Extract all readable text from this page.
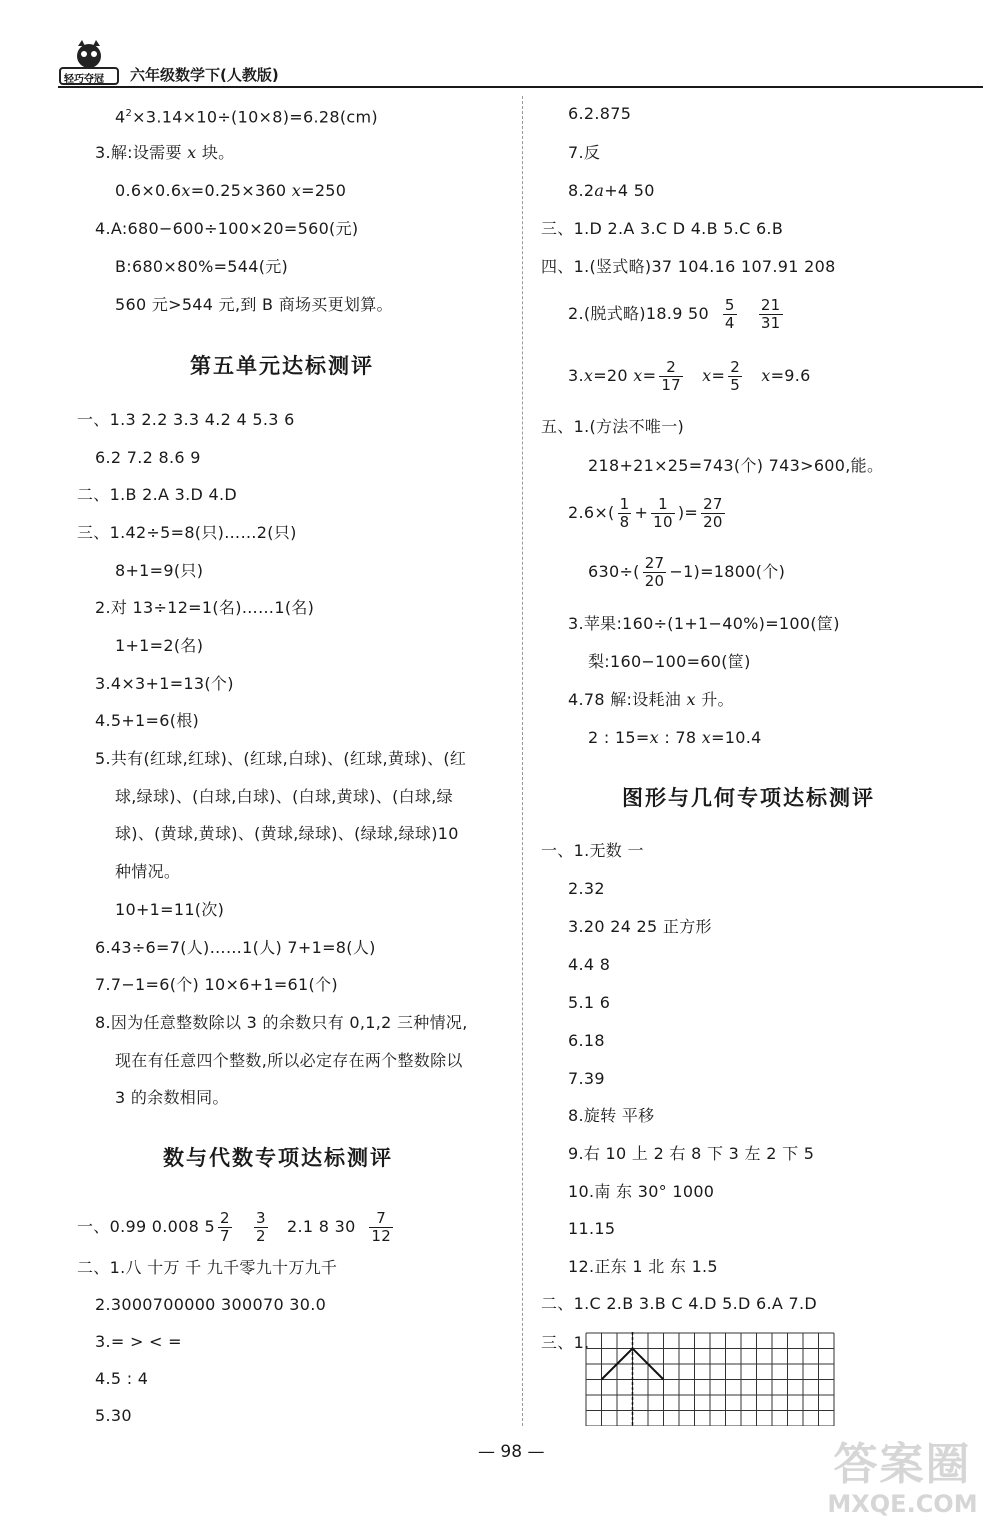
轻巧夺冠 六年级数学下(人教版)
$4^2\times 3.14\times 10\div(10\times 8)=6.28(cm)$
3.解:设需要 x 块。
0.6×0.6x=0.25×360 x=250
4.A:680−600÷100×20=560(元)
B:680×80%=544(元)
560 元>544 元,到 B 商场买更划算。
第五单元达标测评
一、1.3 2.2 3.3 4.2 4 5.3 6
6.2 7.2 8.6 9
二、1.B 2.A 3.D 4.D
三、1.42÷5=8(只)……2(只)
8+1=9(只)
2.对 13÷12=1(名)……1(名)
1+1=2(名)
3.4×3+1=13(个)
4.5+1=6(根)
5.共有(红球,红球)、(红球,白球)、(红球,黄球)、(红
球,绿球)、(白球,白球)、(白球,黄球)、(白球,绿
球)、(黄球,黄球)、(黄球,绿球)、(绿球,绿球)10
种情况。
10+1=11(次)
6.43÷6=7(人)……1(人) 7+1=8(人)
7.7−1=6(个) 10×6+1=61(个)
8.因为任意整数除以 3 的余数只有 0,1,2 三种情况,
现在有任意四个整数,所以必定存在两个整数除以
3 的余数相同。
数与代数专项达标测评
一、0.99 0.008 $5 \frac{2}{7}$
$\frac{3}{2} 2.1$ 8 $30 \frac{7}{12}$
二、1.八 十万 千 九千零九十万九千
2.3000700000 300070 30.0
3.= > < =
4.5 : 4
5.30
6.2.875
7.反
8.2a+4 50
三、1.D 2.A 3.C D 4.B 5.C 6.B
四、1.(竖式略)37 104.16 107.91 208
2.(脱式略)18.9 $50 \frac{5}{4}$
$\frac{21}{31}$
3.x=20 $x= \frac{2}{17} x= \frac{2}{5} x=9.6$
五、1.(方法不唯一)
218+21×25=743(个) 743>600,能。
$2.6\times( \frac{1}{8} + \frac{1}{10}$ )= $\frac{27}{20}$
$630\div( \frac{27}{20} -1)=1800$(个)
3.苹果:160÷(1+1−40%)=100(筐)
梨:160−100=60(筐)
4.78 解:设耗油 x 升。
2 : 15=x : 78 x=10.4
图形与几何专项达标测评
一、1.无数 一
2.32
3.20 24 25 正方形
4.4 8
5.1 6
6.18
7.39
8.旋转 平移
9.右 10 上 2 右 8 下 3 左 2 下 5
10.南 东 30° 1000
11.15
12.正东 1 北 东 1.5
二、1.C 2.B 3.B C 4.D 5.D 6.A 7.D
三、1.
— 98 —	答案圈
MXQE.COM
